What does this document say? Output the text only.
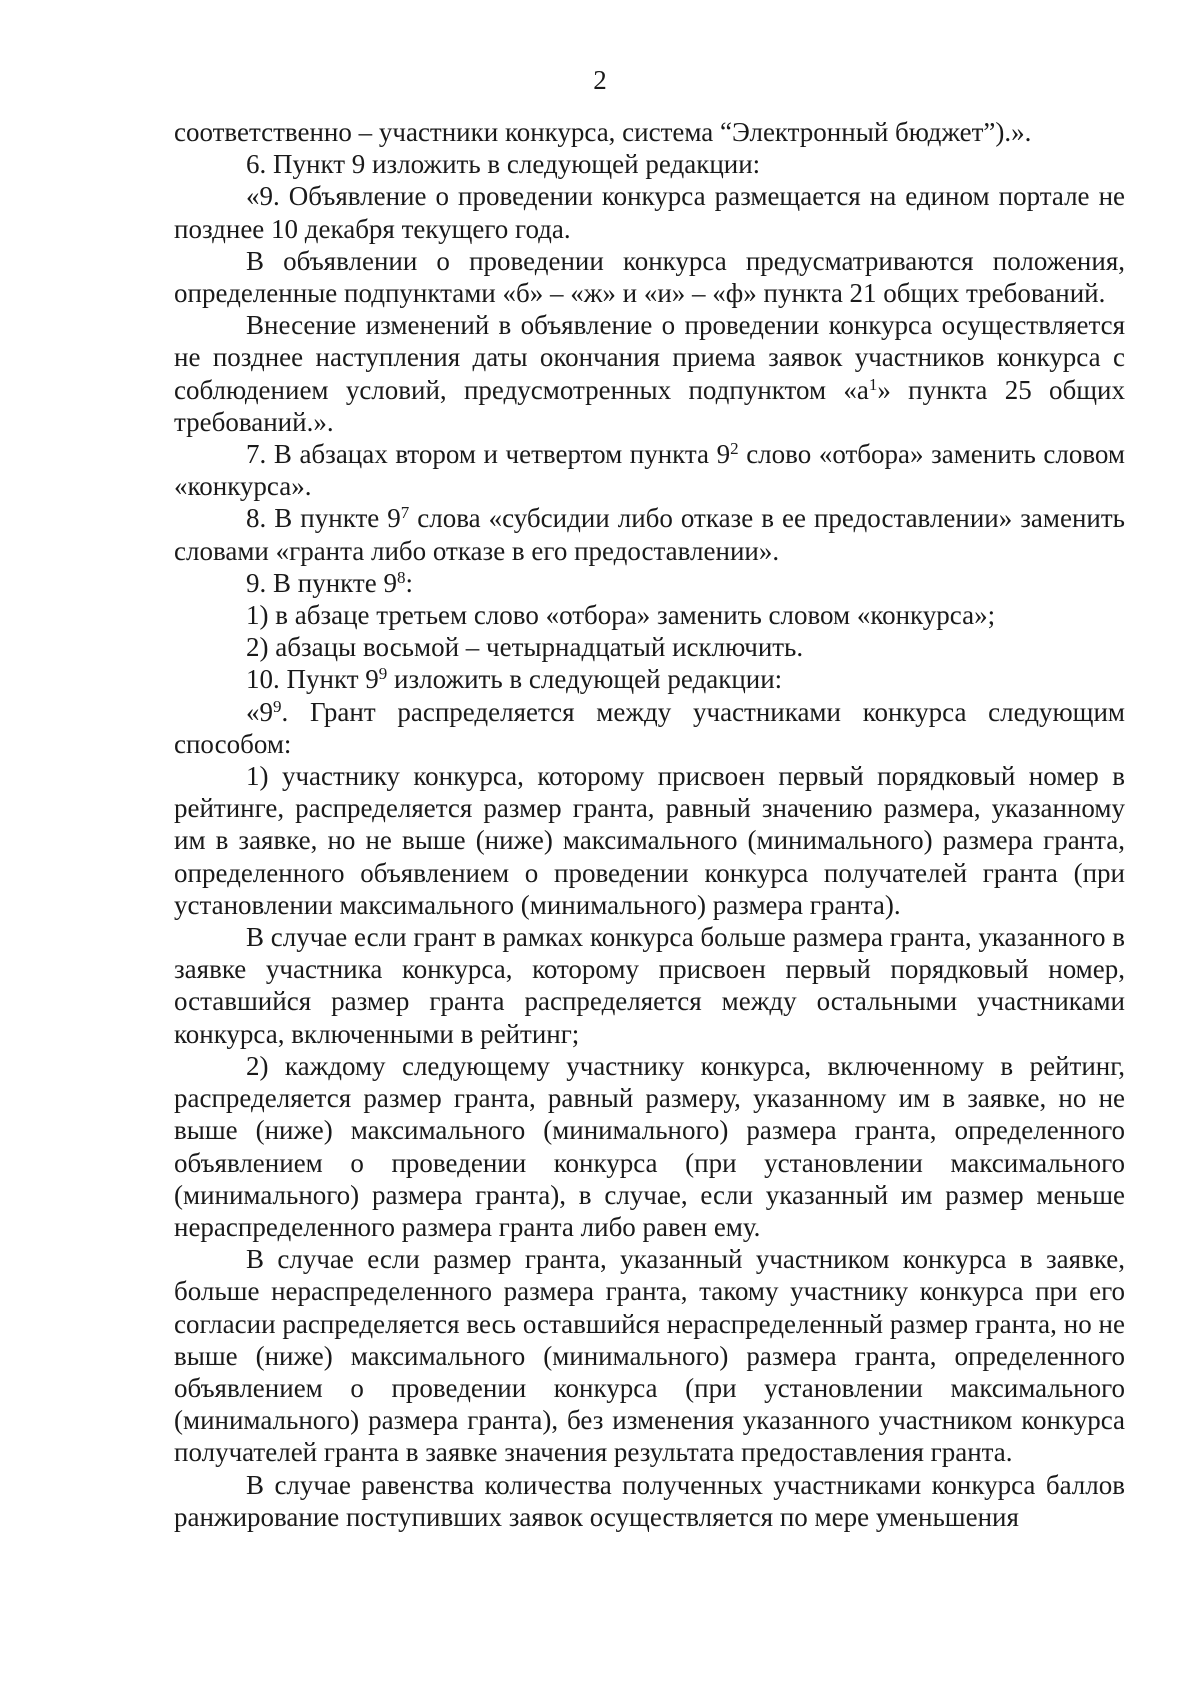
2

соответственно – участники конкурса, система “Электронный бюджет”).».

6. Пункт 9 изложить в следующей редакции:

«9. Объявление о проведении конкурса размещается на едином портале не позднее 10 декабря текущего года.

В объявлении о проведении конкурса предусматриваются положения, определенные подпунктами «б» – «ж» и «и» – «ф» пункта 21 общих требований.

Внесение изменений в объявление о проведении конкурса осуществляется не позднее наступления даты окончания приема заявок участников конкурса с соблюдением условий, предусмотренных подпунктом «$а^1$» пункта 25 общих требований.».

7. В абзацах втором и четвертом пункта $9^2$ слово «отбора» заменить словом «конкурса».

8. В пункте $9^7$ слова «субсидии либо отказе в ее предоставлении» заменить словами «гранта либо отказе в его предоставлении».

9. В пункте $9^8$:

1) в абзаце третьем слово «отбора» заменить словом «конкурса»;

2) абзацы восьмой – четырнадцатый исключить.

10. Пункт $9^9$ изложить в следующей редакции:

«$9^9$. Грант распределяется между участниками конкурса следующим способом:

1) участнику конкурса, которому присвоен первый порядковый номер в рейтинге, распределяется размер гранта, равный значению размера, указанному им в заявке, но не выше (ниже) максимального (минимального) размера гранта, определенного объявлением о проведении конкурса получателей гранта (при установлении максимального (минимального) размера гранта).

В случае если грант в рамках конкурса больше размера гранта, указанного в заявке участника конкурса, которому присвоен первый порядковый номер, оставшийся размер гранта распределяется между остальными участниками конкурса, включенными в рейтинг;

2) каждому следующему участнику конкурса, включенному в рейтинг, распределяется размер гранта, равный размеру, указанному им в заявке, но не выше (ниже) максимального (минимального) размера гранта, определенного объявлением о проведении конкурса (при установлении максимального (минимального) размера гранта), в случае, если указанный им размер меньше нераспределенного размера гранта либо равен ему.

В случае если размер гранта, указанный участником конкурса в заявке, больше нераспределенного размера гранта, такому участнику конкурса при его согласии распределяется весь оставшийся нераспределенный размер гранта, но не выше (ниже) максимального (минимального) размера гранта, определенного объявлением о проведении конкурса (при установлении максимального (минимального) размера гранта), без изменения указанного участником конкурса получателей гранта в заявке значения результата предоставления гранта.

В случае равенства количества полученных участниками конкурса баллов ранжирование поступивших заявок осуществляется по мере уменьшения
